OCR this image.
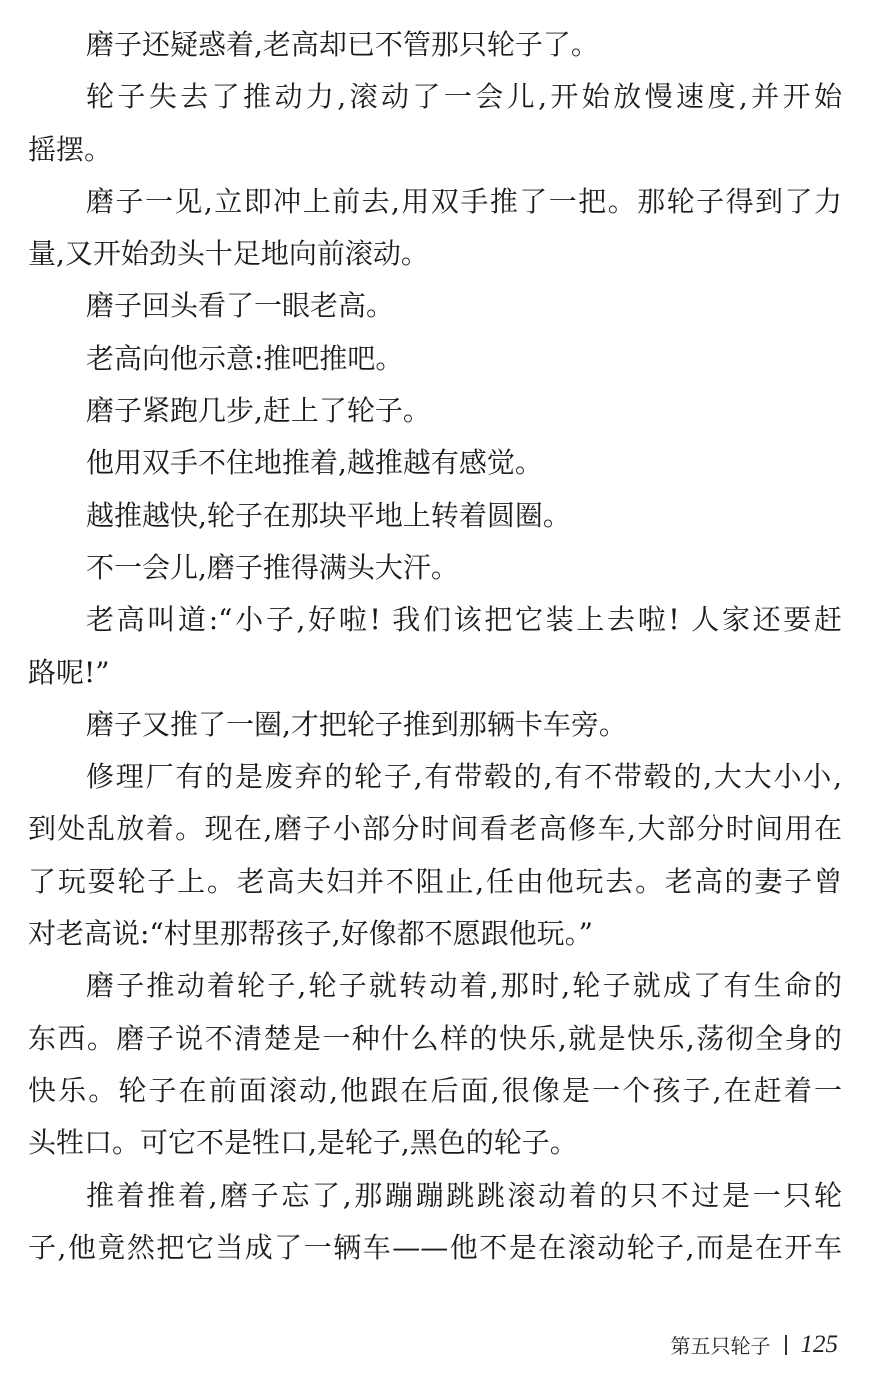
磨子还疑惑着,老高却已不管那只轮子了。
轮子失去了推动力,滚动了一会儿,开始放慢速度,并开始
摇摆。
磨子一见,立即冲上前去,用双手推了一把。那轮子得到了力
量,又开始劲头十足地向前滚动。
磨子回头看了一眼老高。
老高向他示意:推吧推吧。
磨子紧跑几步,赶上了轮子。
他用双手不住地推着,越推越有感觉。
越推越快,轮子在那块平地上转着圆圈。
不一会儿,磨子推得满头大汗。
老高叫道:“小子,好啦! 我们该把它装上去啦! 人家还要赶
路呢!”
磨子又推了一圈,才把轮子推到那辆卡车旁。
修理厂有的是废弃的轮子,有带毂的,有不带毂的,大大小小,
到处乱放着。现在,磨子小部分时间看老高修车,大部分时间用在
了玩耍轮子上。老高夫妇并不阻止,任由他玩去。老高的妻子曾
对老高说:“村里那帮孩子,好像都不愿跟他玩。”
磨子推动着轮子,轮子就转动着,那时,轮子就成了有生命的
东西。磨子说不清楚是一种什么样的快乐,就是快乐,荡彻全身的
快乐。轮子在前面滚动,他跟在后面,很像是一个孩子,在赶着一
头牲口。可它不是牲口,是轮子,黑色的轮子。
推着推着,磨子忘了,那蹦蹦跳跳滚动着的只不过是一只轮
子,他竟然把它当成了一辆车——他不是在滚动轮子,而是在开车
第五只轮子 125
